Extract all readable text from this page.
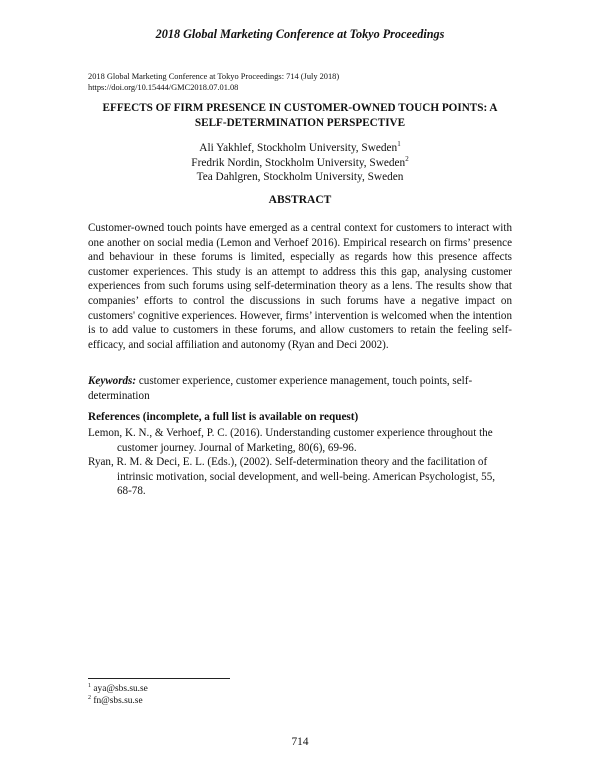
2018 Global Marketing Conference at Tokyo Proceedings
2018 Global Marketing Conference at Tokyo Proceedings: 714 (July 2018)
https://doi.org/10.15444/GMC2018.07.01.08
EFFECTS OF FIRM PRESENCE IN CUSTOMER-OWNED TOUCH POINTS: A
SELF-DETERMINATION PERSPECTIVE
Ali Yakhlef, Stockholm University, Sweden$^1$
Fredrik Nordin, Stockholm University, Sweden$^2$
Tea Dahlgren, Stockholm University, Sweden
ABSTRACT

Customer-owned touch points have emerged as a central context for customers to interact with one another on social media (Lemon and Verhoef 2016). Empirical research on firms’ presence and behaviour in these forums is limited, especially as regards how this presence affects customer experiences. This study is an attempt to address this this gap, analysing customer experiences from such forums using self-determination theory as a lens. The results show that companies’ efforts to control the discussions in such forums have a negative impact on customers' cognitive experiences. However, firms’ intervention is welcomed when the intention is to add value to customers in these forums, and allow customers to retain the feeling self-efficacy, and social affiliation and autonomy (Ryan and Deci 2002).

Keywords: customer experience, customer experience management, touch points, self-determination

References (incomplete, a full list is available on request)
Lemon, K. N., & Verhoef, P. C. (2016). Understanding customer experience throughout the customer journey. Journal of Marketing, 80(6), 69-96.
Ryan, R. M. & Deci, E. L. (Eds.), (2002). Self-determination theory and the facilitation of intrinsic motivation, social development, and well-being. American Psychologist, 55, 68-78.
$^1$ aya@sbs.su.se
$^2$ fn@sbs.su.se
714
